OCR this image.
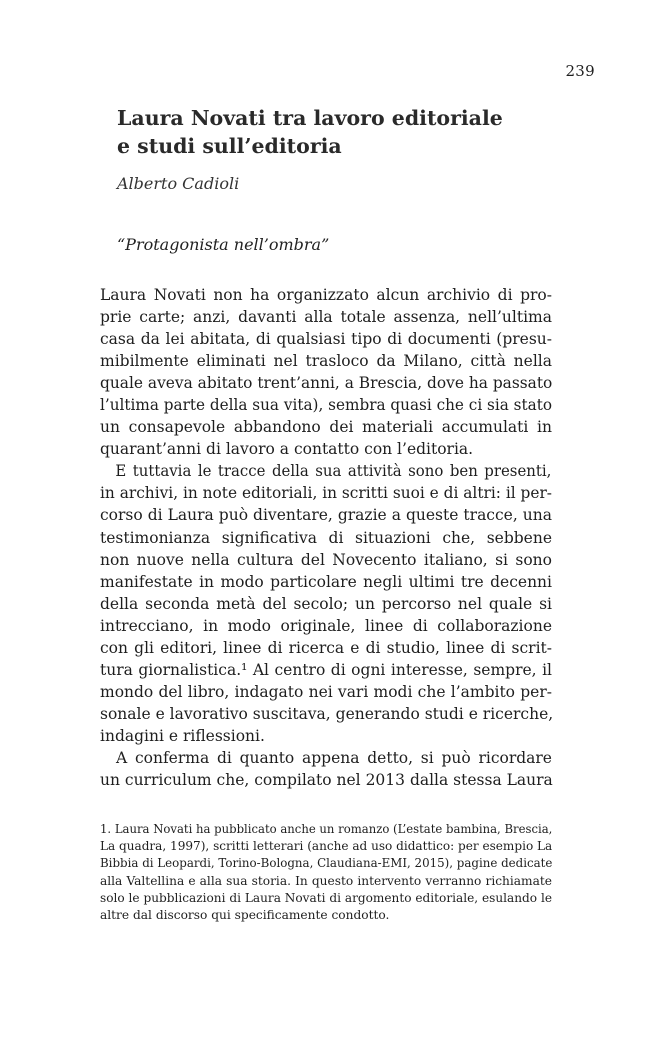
239
Laura Novati tra lavoro editoriale
e studi sull’editoria
Alberto Cadioli
“Protagonista nell’ombra”
Laura Novati non ha organizzato alcun archivio di pro-
prie carte; anzi, davanti alla totale assenza, nell’ultima
casa da lei abitata, di qualsiasi tipo di documenti (presu-
mibilmente eliminati nel trasloco da Milano, città nella
quale aveva abitato trent’anni, a Brescia, dove ha passato
l’ultima parte della sua vita), sembra quasi che ci sia stato
un consapevole abbandono dei materiali accumulati in
quarant’anni di lavoro a contatto con l’editoria.
E tuttavia le tracce della sua attività sono ben presenti,
in archivi, in note editoriali, in scritti suoi e di altri: il per-
corso di Laura può diventare, grazie a queste tracce, una
testimonianza significativa di situazioni che, sebbene
non nuove nella cultura del Novecento italiano, si sono
manifestate in modo particolare negli ultimi tre decenni
della seconda metà del secolo; un percorso nel quale si
intrecciano, in modo originale, linee di collaborazione
con gli editori, linee di ricerca e di studio, linee di scrit-
tura giornalistica.¹ Al centro di ogni interesse, sempre, il
mondo del libro, indagato nei vari modi che l’ambito per-
sonale e lavorativo suscitava, generando studi e ricerche,
indagini e riflessioni.
A conferma di quanto appena detto, si può ricordare
un curriculum che, compilato nel 2013 dalla stessa Laura
1. Laura Novati ha pubblicato anche un romanzo (L’estate bambina, Brescia,
La quadra, 1997), scritti letterari (anche ad uso didattico: per esempio La
Bibbia di Leopardi, Torino-Bologna, Claudiana-EMI, 2015), pagine dedicate
alla Valtellina e alla sua storia. In questo intervento verranno richiamate
solo le pubblicazioni di Laura Novati di argomento editoriale, esulando le
altre dal discorso qui specificamente condotto.
